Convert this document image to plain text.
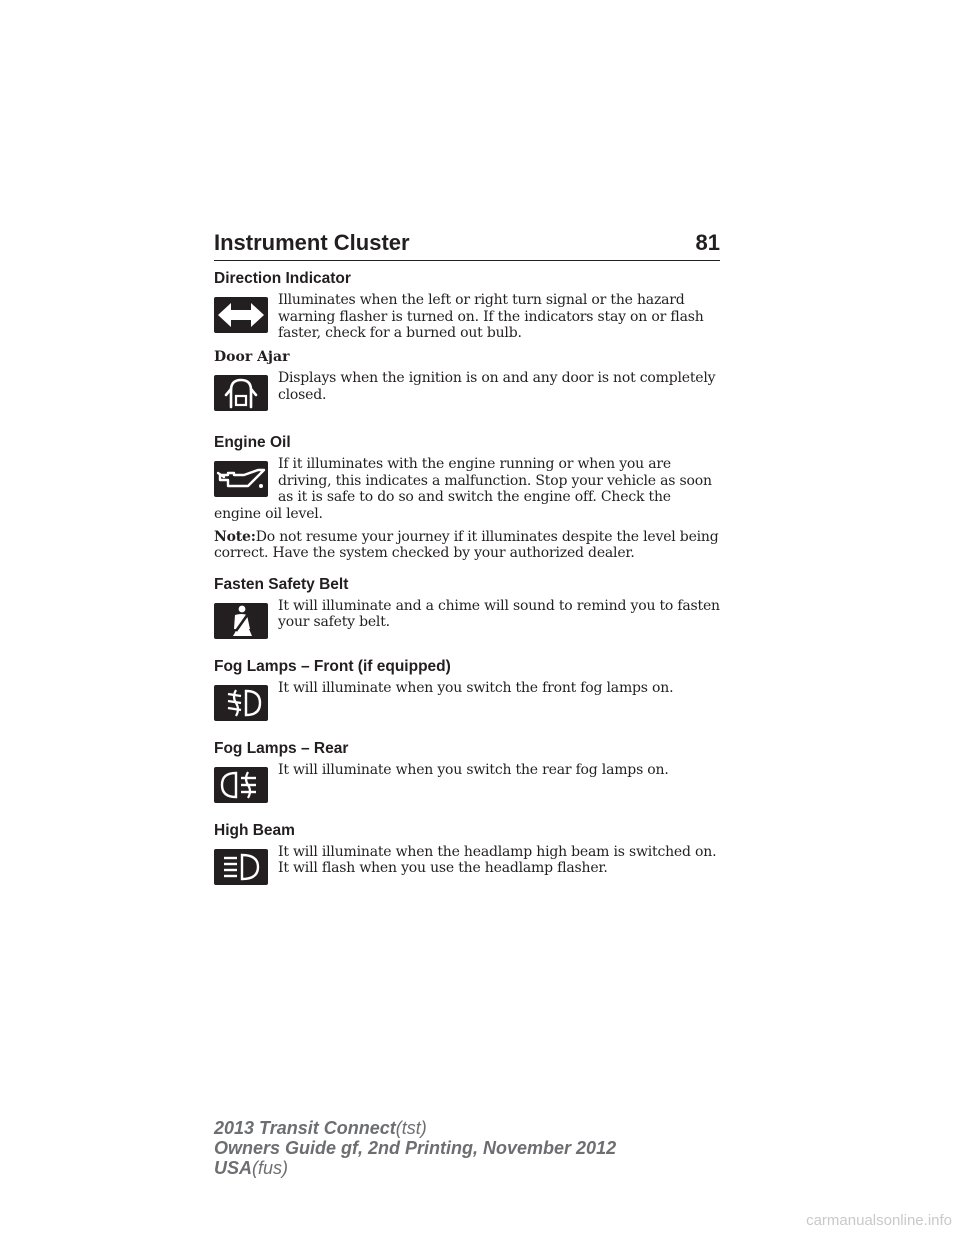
Instrument Cluster	81
Direction Indicator

Illuminates when the left or right turn signal or the hazard warning flasher is turned on. If the indicators stay on or flash faster, check for a burned out bulb.

Door Ajar

Displays when the ignition is on and any door is not completely closed.

Engine Oil

If it illuminates with the engine running or when you are driving, this indicates a malfunction. Stop your vehicle as soon as it is safe to do so and switch the engine off. Check the

engine oil level.

Note:Do not resume your journey if it illuminates despite the level being correct. Have the system checked by your authorized dealer.

Fasten Safety Belt

It will illuminate and a chime will sound to remind you to fasten your safety belt.

Fog Lamps – Front (if equipped)

It will illuminate when you switch the front fog lamps on.

Fog Lamps – Rear

It will illuminate when you switch the rear fog lamps on.

High Beam

It will illuminate when the headlamp high beam is switched on. It will flash when you use the headlamp flasher.

2013 Transit Connect(tst)
Owners Guide gf, 2nd Printing, November 2012
USA(fus)
carmanualsonline.info
